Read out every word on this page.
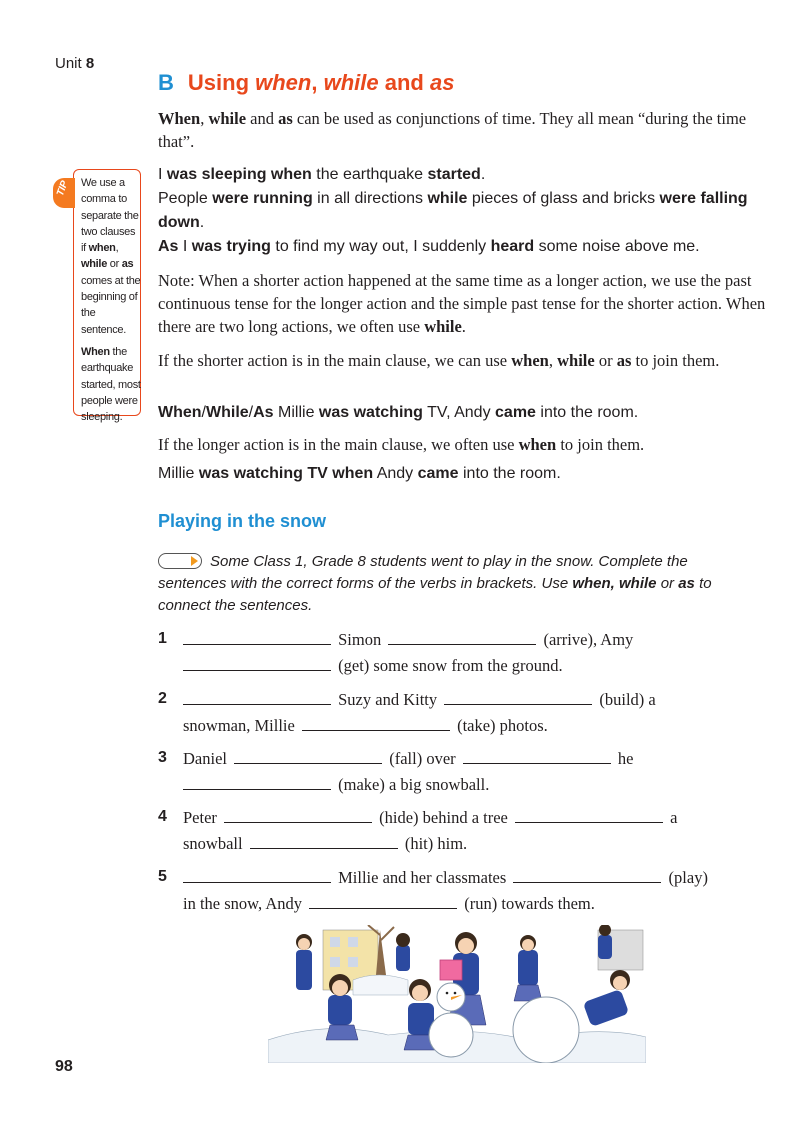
Unit 8
B Using when, while and as

When, while and as can be used as conjunctions of time. They all mean “during the time that”.

I was sleeping when the earthquake started.

People were running in all directions while pieces of glass and bricks were falling down.

As I was trying to find my way out, I suddenly heard some noise above me.

Note: When a shorter action happened at the same time as a longer action, we use the past continuous tense for the longer action and the simple past tense for the shorter action. When there are two long actions, we often use while.

If the shorter action is in the main clause, we can use when, while or as to join them.

When/While/As Millie was watching TV, Andy came into the room.

If the longer action is in the main clause, we often use when to join them.

Millie was watching TV when Andy came into the room.

TIP We use a comma to separate the two clauses if when, while or as comes at the beginning of the sentence.
When the earthquake started, most people were sleeping.
Playing in the snow

Some Class 1, Grade 8 students went to play in the snow. Complete the sentences with the correct forms of the verbs in brackets. Use when, while or as to connect the sentences.

1	Simon	(arrive), Amy
(get) some snow from the ground.
2	Suzy and Kitty	(build) a
snowman, Millie	(take) photos.
3 Daniel	(fall) over	he
(make) a big snowball.
4 Peter	(hide) behind a tree	a
snowball	(hit) him.
5	Millie and her classmates	(play)
in the snow, Andy	(run) towards them.
98
